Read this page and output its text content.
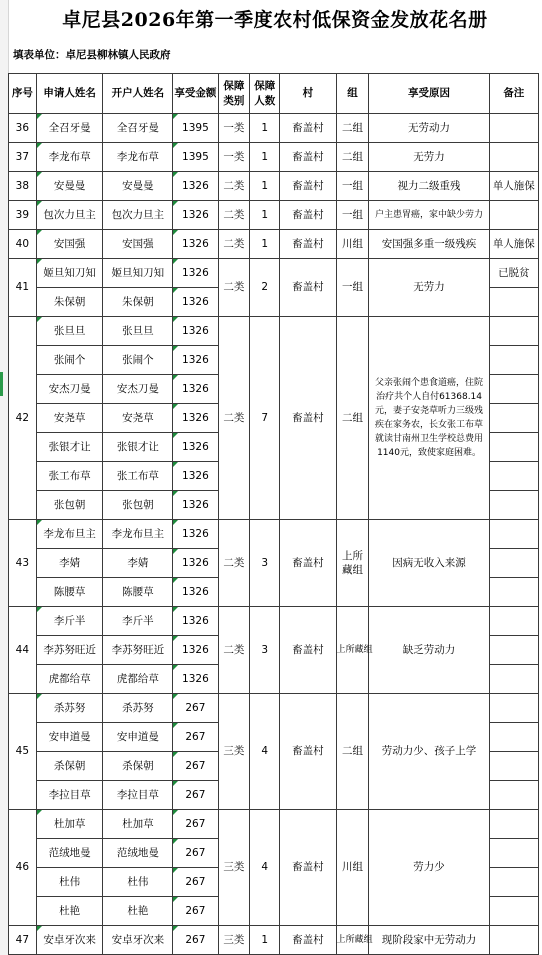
卓尼县2026年第一季度农村低保资金发放花名册
填表单位：卓尼县柳林镇人民政府
序号	申请人姓名	开户人姓名	享受金额	保障类别	保障人数	村	组	享受原因	备注
36	全召牙曼	全召牙曼	1395	一类	1	畜盖村	二组	无劳动力	
37	李龙布草	李龙布草	1395	一类	1	畜盖村	二组	无劳力	
38	安曼曼	安曼曼	1326	二类	1	畜盖村	一组	视力二级重残	单人施保
39	包次力旦主	包次力旦主	1326	二类	1	畜盖村	一组	户主患胃癌，家中缺少劳力	
40	安国强	安国强	1326	二类	1	畜盖村	川组	安国强多重一级残疾	单人施保
41	姬旦知刀知	姬旦知刀知	1326	二类	2	畜盖村	一组	无劳力	已脱贫
	朱保朝	朱保朝	1326						
42	张旦旦	张旦旦	1326	二类	7	畜盖村	二组	父亲张闹个患食道癌，住院治疗共个人自付61368.14元，妻子安尧草听力三级残疾在家务农，长女张工布草就读甘南州卫生学校总费用1140元，致使家庭困难。	
	张闹个	张闹个	1326						
	安杰刀曼	安杰刀曼	1326						
	安尧草	安尧草	1326						
	张银才让	张银才让	1326						
	张工布草	张工布草	1326						
	张包朝	张包朝	1326						
43	李龙布旦主	李龙布旦主	1326	二类	3	畜盖村	上所藏组	因病无收入来源	
	李婧	李婧	1326						
	陈腰草	陈腰草	1326						
44	李斤半	李斤半	1326	二类	3	畜盖村	上所藏组	缺乏劳动力	
	李苏努旺近	李苏努旺近	1326						
	虎都给草	虎都给草	1326						
45	杀苏努	杀苏努	267	三类	4	畜盖村	二组	劳动力少、孩子上学	
	安申道曼	安申道曼	267						
	杀保朝	杀保朝	267						
	李拉目草	李拉目草	267						
46	杜加草	杜加草	267	三类	4	畜盖村	川组	劳力少	
	范绒地曼	范绒地曼	267						
	杜伟	杜伟	267						
	杜艳	杜艳	267						
47	安卓牙次来	安卓牙次来	267	三类	1	畜盖村	上所藏组	现阶段家中无劳动力	
